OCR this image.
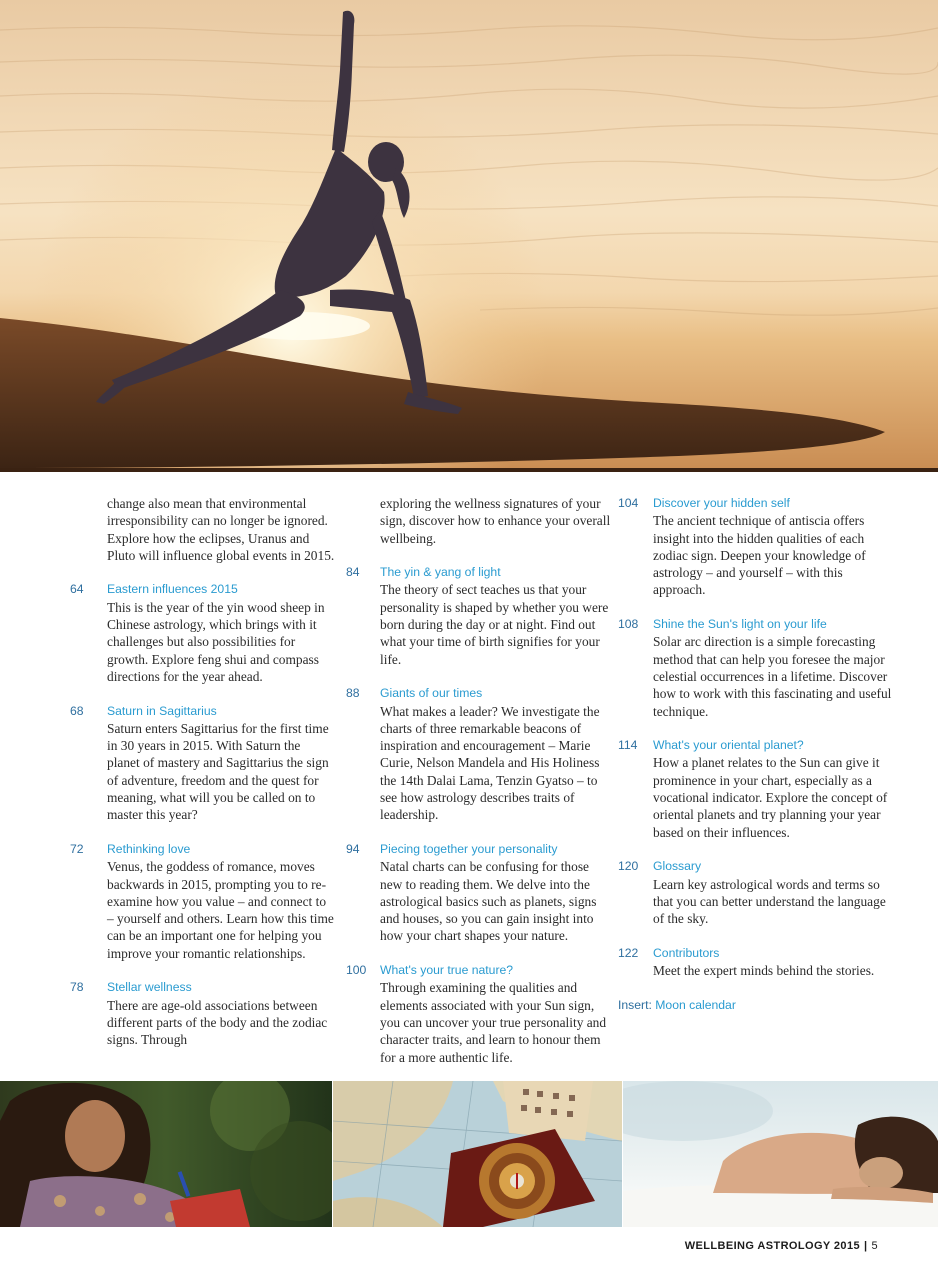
change also mean that environmental irresponsibility can no longer be ignored. Explore how the eclipses, Uranus and Pluto will influence global events in 2015.

64	Eastern influences 2015

This is the year of the yin wood sheep in Chinese astrology, which brings with it challenges but also possibilities for growth. Explore feng shui and compass directions for the year ahead.

68	Saturn in Sagittarius

Saturn enters Sagittarius for the first time in 30 years in 2015. With Saturn the planet of mastery and Sagittarius the sign of adventure, freedom and the quest for meaning, what will you be called on to master this year?

72	Rethinking love

Venus, the goddess of romance, moves backwards in 2015, prompting you to re-examine how you value – and connect to – yourself and others. Learn how this time can be an important one for helping you improve your romantic relationships.

78	Stellar wellness

There are age-old associations between different parts of the body and the zodiac signs. Through

exploring the wellness signatures of your sign, discover how to enhance your overall wellbeing.

84	The yin & yang of light

The theory of sect teaches us that your personality is shaped by whether you were born during the day or at night. Find out what your time of birth signifies for your life.

88	Giants of our times

What makes a leader? We investigate the charts of three remarkable beacons of inspiration and encouragement – Marie Curie, Nelson Mandela and His Holiness the 14th Dalai Lama, Tenzin Gyatso – to see how astrology describes traits of leadership.

94	Piecing together your personality

Natal charts can be confusing for those new to reading them. We delve into the astrological basics such as planets, signs and houses, so you can gain insight into how your chart shapes your nature.

100	What's your true nature?

Through examining the qualities and elements associated with your Sun sign, you can uncover your true personality and character traits, and learn to honour them for a more authentic life.

104	Discover your hidden self

The ancient technique of antiscia offers insight into the hidden qualities of each zodiac sign. Deepen your knowledge of astrology – and yourself – with this approach.

108	Shine the Sun's light on your life

Solar arc direction is a simple forecasting method that can help you foresee the major celestial occurrences in a lifetime. Discover how to work with this fascinating and useful technique.

114	What's your oriental planet?

How a planet relates to the Sun can give it prominence in your chart, especially as a vocational indicator. Explore the concept of oriental planets and try planning your year based on their influences.

120	Glossary

Learn key astrological words and terms so that you can better understand the language of the sky.

122	Contributors

Meet the expert minds behind the stories.

Insert: Moon calendar
WELLBEING ASTROLOGY 2015 | 5
